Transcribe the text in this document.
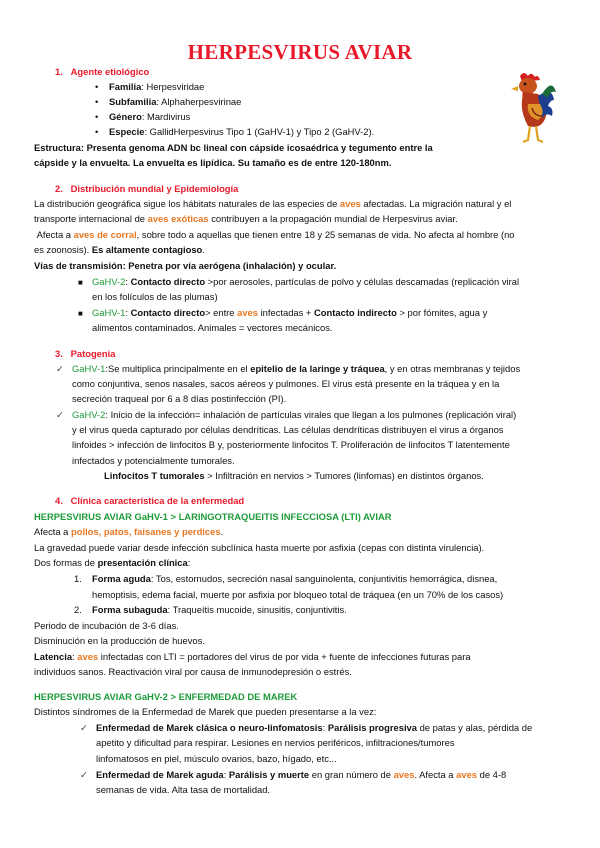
HERPESVIRUS AVIAR
1.   Agente etiológico
• Familia: Herpesviridae
• Subfamilia: Alphaherpesvirinae
• Género: Mardivirus
• Especie: GallidHerpesvirus Tipo 1 (GaHV-1) y Tipo 2 (GaHV-2).
Estructura: Presenta genoma ADN bc lineal con cápside icosaédrica y tegumento entre la
cápside y la envuelta. La envuelta es lipídica. Su tamaño es de entre 120-180nm.
2.   Distribución mundial y Epidemiología
La distribución geográfica sigue los hábitats naturales de las especies de aves afectadas. La migración natural y el
transporte internacional de aves exóticas contribuyen a la propagación mundial de Herpesvirus aviar.
Afecta a aves de corral, sobre todo a aquellas que tienen entre 18 y 25 semanas de vida. No afecta al hombre (no
es zoonosis). Es altamente contagioso.
Vías de transmisión: Penetra por vía aerógena (inhalación) y ocular.
■ GaHV-2: Contacto directo >por aerosoles, partículas de polvo y células descamadas (replicación viral
en los folículos de las plumas)
■ GaHV-1: Contacto directo> entre aves infectadas + Contacto indirecto > por fómites, agua y
alimentos contaminados. Animales = vectores mecánicos.
3.   Patogenia
✓ GaHV-1:Se multiplica principalmente en el epitelio de la laringe y tráquea, y en otras membranas y tejidos
como conjuntiva, senos nasales, sacos aéreos y pulmones. El virus está presente en la tráquea y en la
secreción traqueal por 6 a 8 días postinfección (PI).
✓ GaHV-2: Inicio de la infección= inhalación de partículas virales que llegan a los pulmones (replicación viral)
y el virus queda capturado por células dendríticas. Las células dendríticas distribuyen el virus a órganos
linfoides > infección de linfocitos B y, posteriormente linfocitos T. Proliferación de linfocitos T latentemente
infectados y potencialmente tumorales.
Linfocitos T tumorales > Infiltración en nervios > Tumores (linfomas) en distintos órganos.
4.   Clínica característica de la enfermedad
HERPESVIRUS AVIAR GaHV-1 > LARINGOTRAQUEITIS INFECCIOSA (LTI) AVIAR
Afecta a pollos, patos, faisanes y perdices.
La gravedad puede variar desde infección subclínica hasta muerte por asfixia (cepas con distinta virulencia).
Dos formas de presentación clínica:
1. Forma aguda: Tos, estornudos, secreción nasal sanguinolenta, conjuntivitis hemorrágica, disnea,
hemoptisis, edema facial, muerte por asfixia por bloqueo total de tráquea (en un 70% de los casos)
2. Forma subaguda: Traqueítis mucoide, sinusitis, conjuntivitis.
Periodo de incubación de 3-6 días.
Disminución en la producción de huevos.
Latencia: aves infectadas con LTI = portadores del virus de por vida + fuente de infecciones futuras para
individuos sanos. Reactivación viral por causa de inmunodepresión o estrés.
HERPESVIRUS AVIAR GaHV-2 > ENFERMEDAD DE MAREK
Distintos síndromes de la Enfermedad de Marek que pueden presentarse a la vez:
✓ Enfermedad de Marek clásica o neuro-linfomatosis: Parálisis progresiva de patas y alas, pérdida de
apetito y dificultad para respirar. Lesiones en nervios periféricos, infiltraciones/tumores
linfomatosos en piel, músculo ovarios, bazo, hígado, etc...
✓ Enfermedad de Marek aguda: Parálisis y muerte en gran número de aves. Afecta a aves de 4-8
semanas de vida. Alta tasa de mortalidad.
